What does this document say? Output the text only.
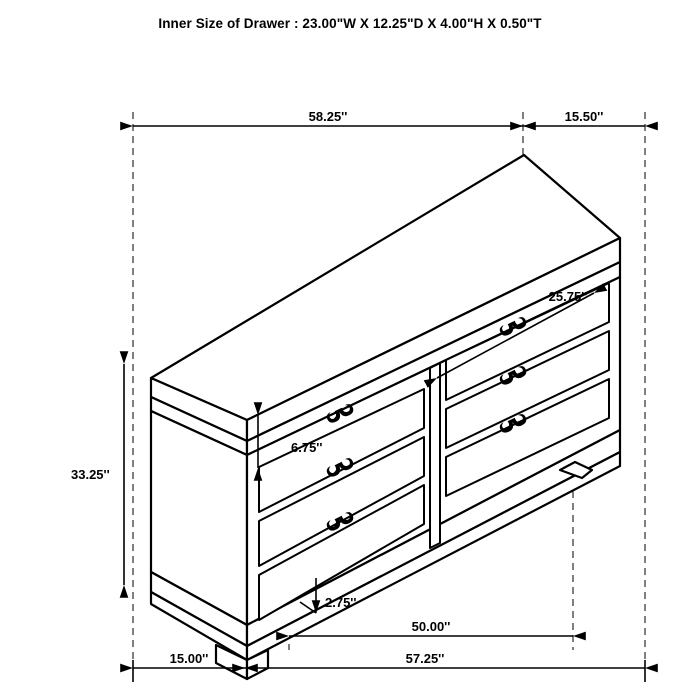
Inner Size of Drawer : 23.00"W X 12.25"D X 4.00"H X 0.50"T
58.25''	15.50''
25.75''
6.75''
33.25''
2.75''
50.00''
15.00''	57.25''
